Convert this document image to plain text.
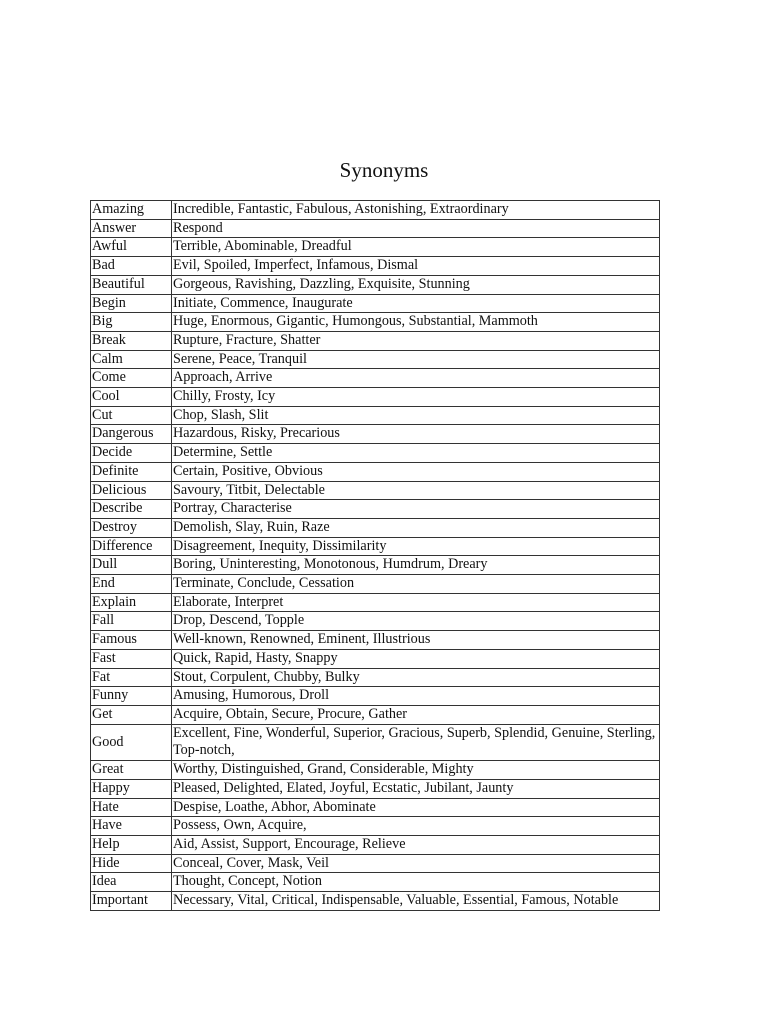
Synonyms
Amazing	Incredible, Fantastic, Fabulous, Astonishing, Extraordinary
Answer	Respond
Awful	Terrible, Abominable, Dreadful
Bad	Evil, Spoiled, Imperfect, Infamous, Dismal
Beautiful	Gorgeous, Ravishing, Dazzling, Exquisite, Stunning
Begin	Initiate, Commence, Inaugurate
Big	Huge, Enormous, Gigantic, Humongous, Substantial, Mammoth
Break	Rupture, Fracture, Shatter
Calm	Serene, Peace, Tranquil
Come	Approach, Arrive
Cool	Chilly, Frosty, Icy
Cut	Chop, Slash, Slit
Dangerous	Hazardous, Risky, Precarious
Decide	Determine, Settle
Definite	Certain, Positive, Obvious
Delicious	Savoury, Titbit, Delectable
Describe	Portray, Characterise
Destroy	Demolish, Slay, Ruin, Raze
Difference	Disagreement, Inequity, Dissimilarity
Dull	Boring, Uninteresting, Monotonous, Humdrum, Dreary
End	Terminate, Conclude, Cessation
Explain	Elaborate, Interpret
Fall	Drop, Descend, Topple
Famous	Well-known, Renowned, Eminent, Illustrious
Fast	Quick, Rapid, Hasty, Snappy
Fat	Stout, Corpulent, Chubby, Bulky
Funny	Amusing, Humorous, Droll
Get	Acquire, Obtain, Secure, Procure, Gather
Good	Excellent, Fine, Wonderful, Superior, Gracious, Superb, Splendid, Genuine, Sterling, Top-notch,
Great	Worthy, Distinguished, Grand, Considerable, Mighty
Happy	Pleased, Delighted, Elated, Joyful, Ecstatic, Jubilant, Jaunty
Hate	Despise, Loathe, Abhor, Abominate
Have	Possess, Own, Acquire,
Help	Aid, Assist, Support, Encourage, Relieve
Hide	Conceal, Cover, Mask, Veil
Idea	Thought, Concept, Notion
Important	Necessary, Vital, Critical, Indispensable, Valuable, Essential, Famous, Notable
